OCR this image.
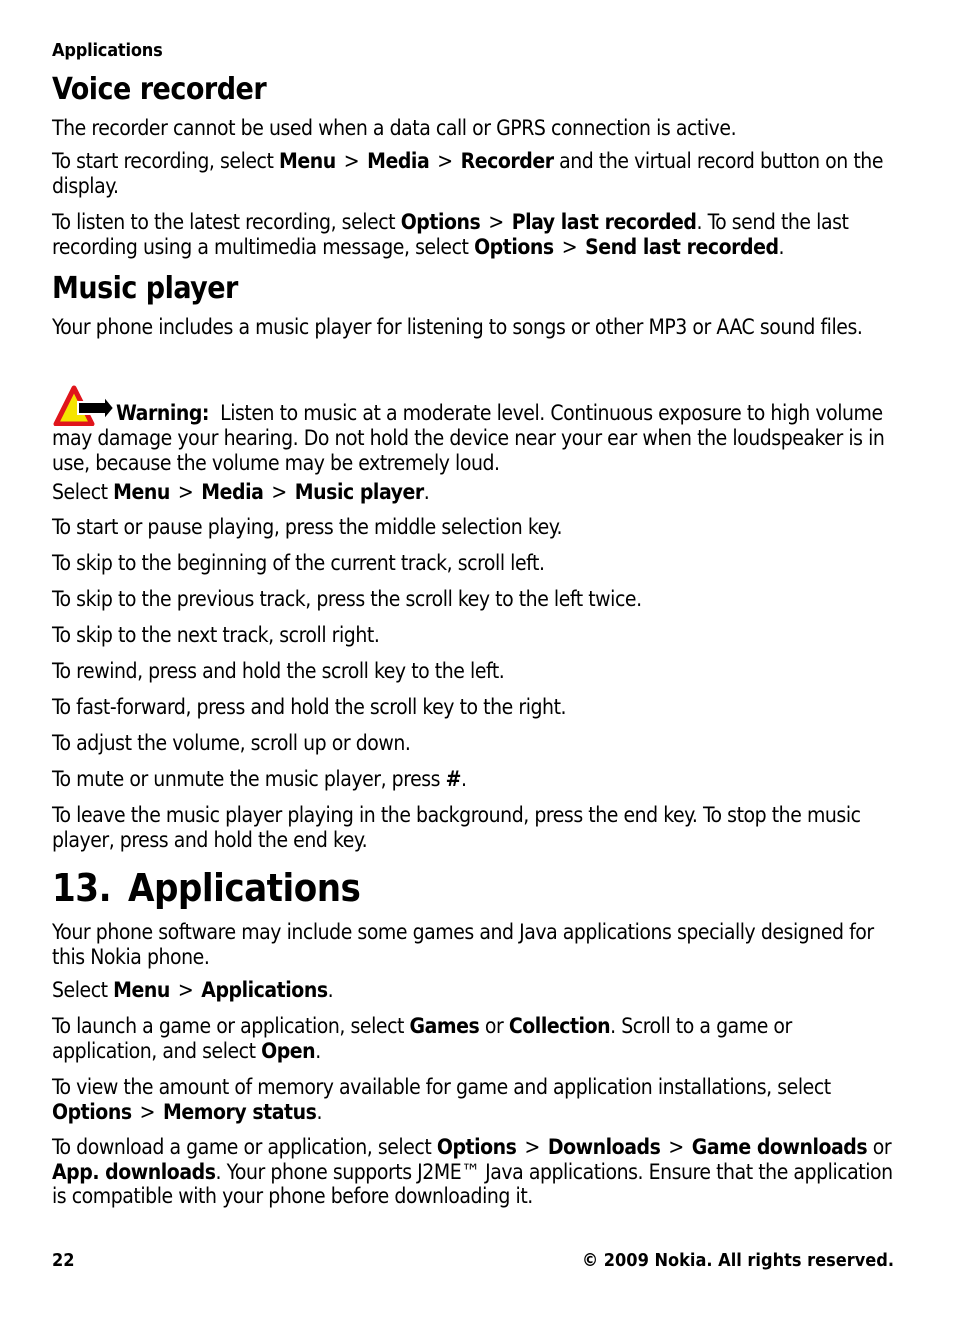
Applications
Voice recorder

The recorder cannot be used when a data call or GPRS connection is active.

To start recording, select Menu > Media > Recorder and the virtual record button on the display.

To listen to the latest recording, select Options > Play last recorded. To send the last recording using a multimedia message, select Options > Send last recorded.

Music player

Your phone includes a music player for listening to songs or other MP3 or AAC sound files.

Warning: Listen to music at a moderate level. Continuous exposure to high volume may damage your hearing. Do not hold the device near your ear when the loudspeaker is in use, because the volume may be extremely loud.

Select Menu > Media > Music player.

To start or pause playing, press the middle selection key.

To skip to the beginning of the current track, scroll left.

To skip to the previous track, press the scroll key to the left twice.

To skip to the next track, scroll right.

To rewind, press and hold the scroll key to the left.

To fast-forward, press and hold the scroll key to the right.

To adjust the volume, scroll up or down.

To mute or unmute the music player, press #.

To leave the music player playing in the background, press the end key. To stop the music player, press and hold the end key.

13. Applications

Your phone software may include some games and Java applications specially designed for this Nokia phone.

Select Menu > Applications.

To launch a game or application, select Games or Collection. Scroll to a game or application, and select Open.

To view the amount of memory available for game and application installations, select Options > Memory status.

To download a game or application, select Options > Downloads > Game downloads or App. downloads. Your phone supports J2ME™ Java applications. Ensure that the application is compatible with your phone before downloading it.

22	© 2009 Nokia. All rights reserved.
